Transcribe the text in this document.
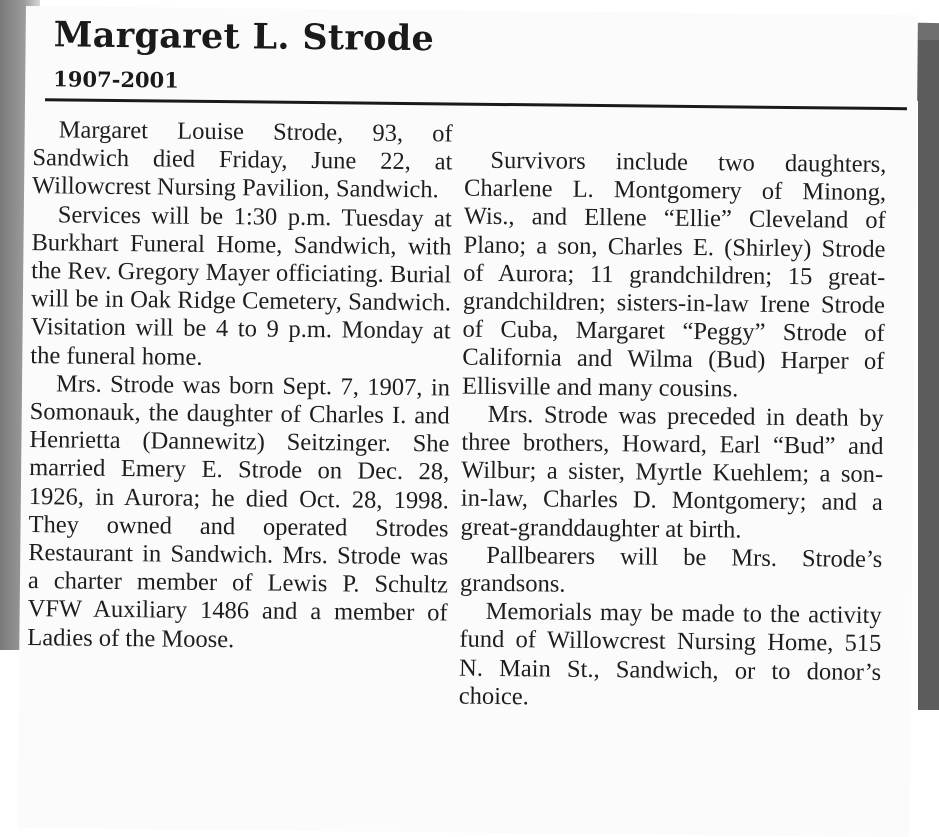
Margaret L. Strode
1907-2001

Margaret Louise Strode, 93, of Sandwich died Friday, June 22, at Willowcrest Nursing Pavilion, Sandwich.

Services will be 1:30 p.m. Tuesday at Burkhart Funeral Home, Sandwich, with the Rev. Gregory Mayer officiating. Burial will be in Oak Ridge Cemetery, Sandwich. Visitation will be 4 to 9 p.m. Monday at the funeral home.

Mrs. Strode was born Sept. 7, 1907, in Somonauk, the daughter of Charles I. and Henrietta (Dannewitz) Seitzinger. She married Emery E. Strode on Dec. 28, 1926, in Aurora; he died Oct. 28, 1998. They owned and operated Strodes Restaurant in Sandwich. Mrs. Strode was a charter member of Lewis P. Schultz VFW Auxiliary 1486 and a member of Ladies of the Moose.

Survivors include two daughters, Charlene L. Montgomery of Minong, Wis., and Ellene “Ellie” Cleveland of Plano; a son, Charles E. (Shirley) Strode of Aurora; 11 grandchildren; 15 great-grandchildren; sisters-in-law Irene Strode of Cuba, Margaret “Peggy” Strode of California and Wilma (Bud) Harper of Ellisville and many cousins.

Mrs. Strode was preceded in death by three brothers, Howard, Earl “Bud” and Wilbur; a sister, Myrtle Kuehlem; a son-in-law, Charles D. Montgomery; and a great-granddaughter at birth.

Pallbearers will be Mrs. Strode’s grandsons.

Memorials may be made to the activity fund of Willowcrest Nursing Home, 515 N. Main St., Sandwich, or to donor’s choice.
